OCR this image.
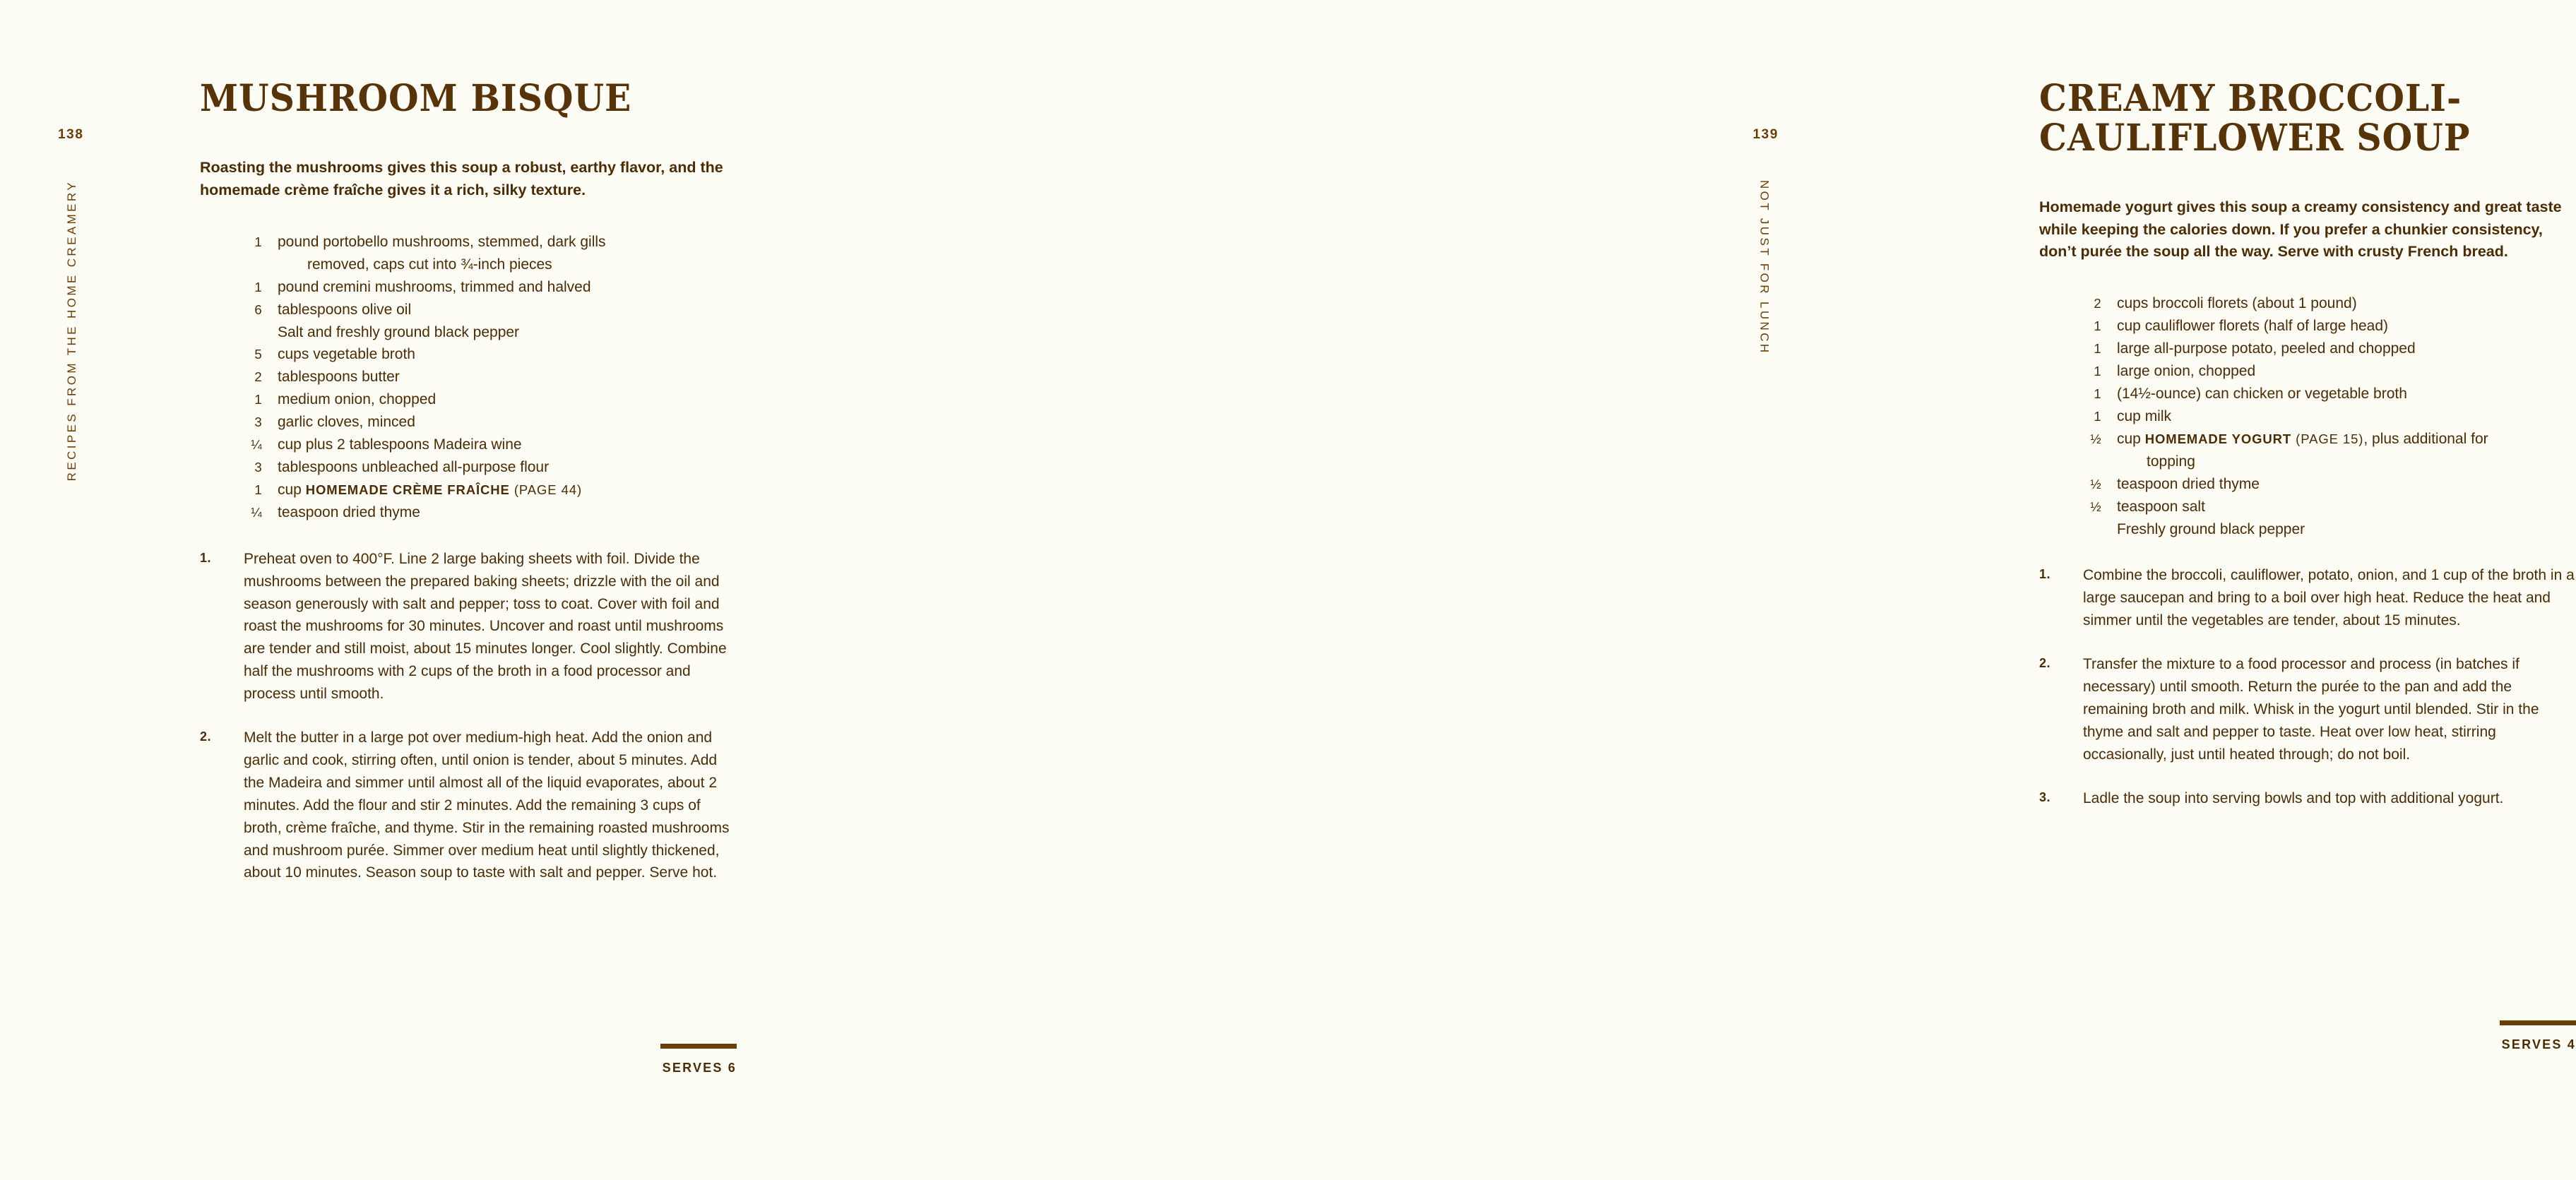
138
RECIPES FROM THE HOME CREAMERY
MUSHROOM BISQUE
Roasting the mushrooms gives this soup a robust, earthy flavor, and the homemade crème fraîche gives it a rich, silky texture.
1	pound portobello mushrooms, stemmed, dark gills
removed, caps cut into ¾-inch pieces
1	pound cremini mushrooms, trimmed and halved
6	tablespoons olive oil
Salt and freshly ground black pepper
5	cups vegetable broth
2	tablespoons butter
1	medium onion, chopped
3	garlic cloves, minced
¼	cup plus 2 tablespoons Madeira wine
3	tablespoons unbleached all-purpose flour
1	cup HOMEMADE CRÈME FRAÎCHE (PAGE 44)
¼	teaspoon dried thyme
1.	Preheat oven to 400°F. Line 2 large baking sheets with foil. Divide the mushrooms between the prepared baking sheets; drizzle with the oil and season generously with salt and pepper; toss to coat. Cover with foil and roast the mushrooms for 30 minutes. Uncover and roast until mushrooms are tender and still moist, about 15 minutes longer. Cool slightly. Combine half the mushrooms with 2 cups of the broth in a food processor and process until smooth.
2.	Melt the butter in a large pot over medium-high heat. Add the onion and garlic and cook, stirring often, until onion is tender, about 5 minutes. Add the Madeira and simmer until almost all of the liquid evaporates, about 2 minutes. Add the flour and stir 2 minutes. Add the remaining 3 cups of broth, crème fraîche, and thyme. Stir in the remaining roasted mushrooms and mushroom purée. Simmer over medium heat until slightly thickened, about 10 minutes. Season soup to taste with salt and pepper. Serve hot.
SERVES 6
139
NOT JUST FOR LUNCH
CREAMY BROCCOLI-CAULIFLOWER SOUP
Homemade yogurt gives this soup a creamy consistency and great taste while keeping the calories down. If you prefer a chunkier consistency, don’t purée the soup all the way. Serve with crusty French bread.
2	cups broccoli florets (about 1 pound)
1	cup cauliflower florets (half of large head)
1	large all-purpose potato, peeled and chopped
1	large onion, chopped
1	(14½-ounce) can chicken or vegetable broth
1	cup milk
½	cup HOMEMADE YOGURT (PAGE 15), plus additional for
topping
½	teaspoon dried thyme
½	teaspoon salt
Freshly ground black pepper
1.	Combine the broccoli, cauliflower, potato, onion, and 1 cup of the broth in a large saucepan and bring to a boil over high heat. Reduce the heat and simmer until the vegetables are tender, about 15 minutes.
2.	Transfer the mixture to a food processor and process (in batches if necessary) until smooth. Return the purée to the pan and add the remaining broth and milk. Whisk in the yogurt until blended. Stir in the thyme and salt and pepper to taste. Heat over low heat, stirring occasionally, just until heated through; do not boil.
3.	Ladle the soup into serving bowls and top with additional yogurt.
SERVES 4
